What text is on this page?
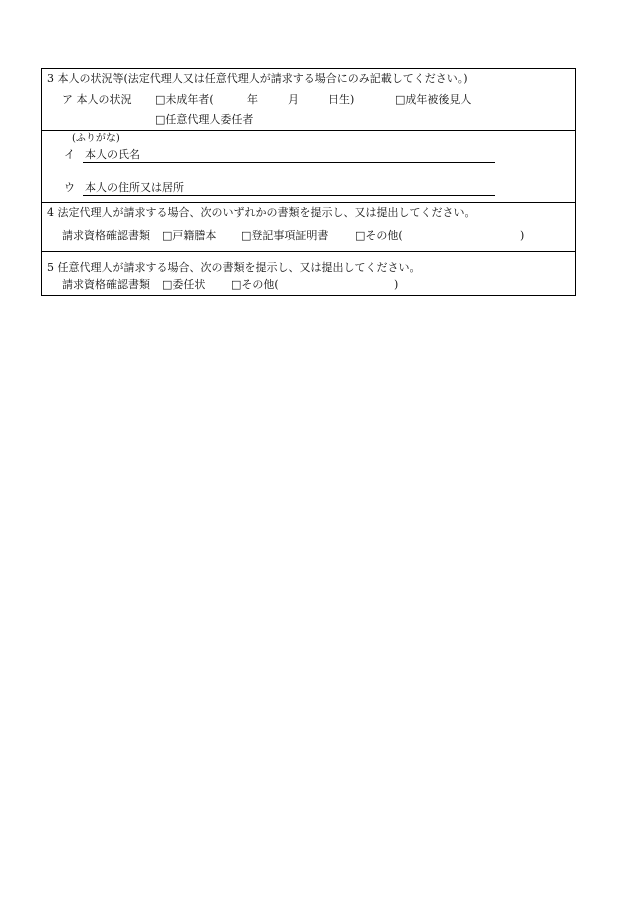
3 本人の状況等(法定代理人又は任意代理人が請求する場合にのみ記載してください。)
ア 本人の状況 □未成年者(	年	月	日生)	□成年被後見人
□任意代理人委任者
(ふりがな)
イ 本人の氏名
ウ 本人の住所又は居所
4 法定代理人が請求する場合、次のいずれかの書類を提示し、又は提出してください。
請求資格確認書類 □戸籍謄本 □登記事項証明書 □その他(	)
5 任意代理人が請求する場合、次の書類を提示し、又は提出してください。
請求資格確認書類 □委任状 □その他(	)
